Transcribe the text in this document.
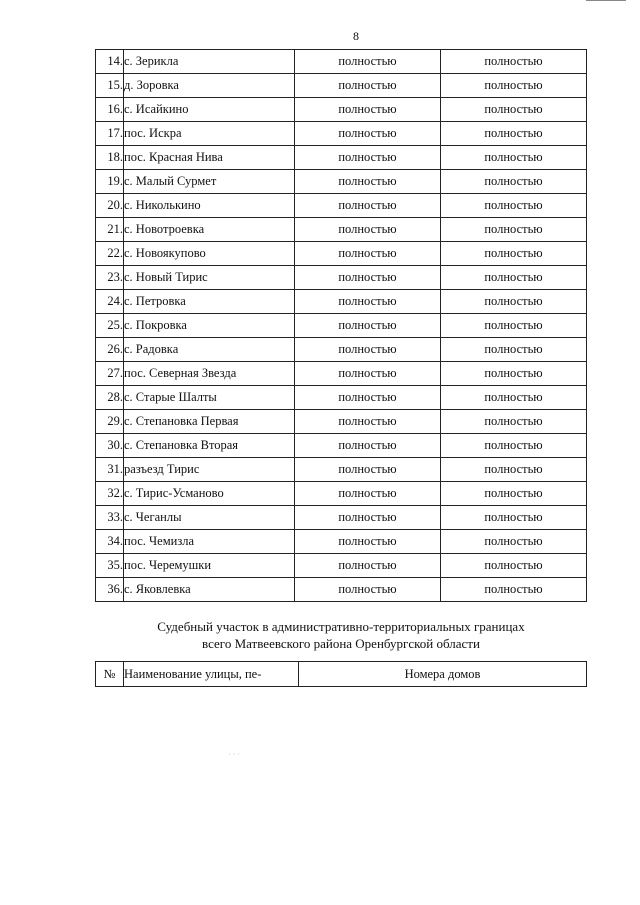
8
14.	с. Зерикла	полностью	полностью
15.	д. Зоровка	полностью	полностью
16.	с. Исайкино	полностью	полностью
17.	пос. Искра	полностью	полностью
18.	пос. Красная Нива	полностью	полностью
19.	с. Малый Сурмет	полностью	полностью
20.	с. Николькино	полностью	полностью
21.	с. Новотроевка	полностью	полностью
22.	с. Новоякупово	полностью	полностью
23.	с. Новый Тирис	полностью	полностью
24.	с. Петровка	полностью	полностью
25.	с. Покровка	полностью	полностью
26.	с. Радовка	полностью	полностью
27.	пос. Северная Звезда	полностью	полностью
28.	с. Старые Шалты	полностью	полностью
29.	с. Степановка Первая	полностью	полностью
30.	с. Степановка Вторая	полностью	полностью
31.	разъезд Тирис	полностью	полностью
32.	с. Тирис-Усманово	полностью	полностью
33.	с. Чеганлы	полностью	полностью
34.	пос. Чемизла	полностью	полностью
35.	пос. Черемушки	полностью	полностью
36.	с. Яковлевка	полностью	полностью
Судебный участок в административно-территориальных границах
всего Матвеевского района Оренбургской области
№	Наименование улицы, пе-	Номера домов
˙ ˙ ˙
